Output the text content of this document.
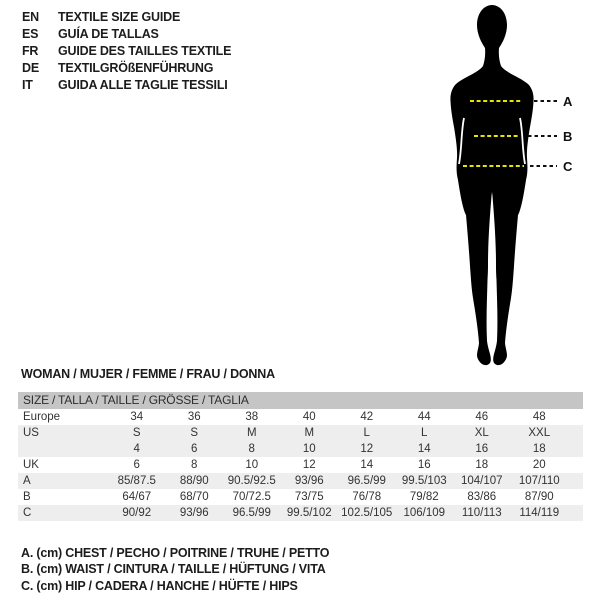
EN	TEXTILE SIZE GUIDE
ES	GUÍA DE TALLAS
FR	GUIDE DES TAILLES TEXTILE
DE	TEXTILGRÖßENFÜHRUNG
IT	GUIDA ALLE TAGLIE TESSILI
A
B
C
WOMAN / MUJER / FEMME / FRAU / DONNA
SIZE / TALLA / TAILLE / GRÖSSE / TAGLIA
Europe	34	36	38	40	42	44	46	48
US	S	S	M	M	L	L	XL	XXL
4	6	8	10	12	14	16	18
UK	6	8	10	12	14	16	18	20
A	85/87.5	88/90	90.5/92.5	93/96	96.5/99	99.5/103	104/107	107/110
B	64/67	68/70	70/72.5	73/75	76/78	79/82	83/86	87/90
C	90/92	93/96	96.5/99	99.5/102 102.5/105 106/109	110/113	114/119
A. (cm) CHEST / PECHO / POITRINE / TRUHE / PETTO
B. (cm) WAIST / CINTURA / TAILLE / HÜFTUNG / VITA
C. (cm) HIP / CADERA / HANCHE / HÜFTE / HIPS
